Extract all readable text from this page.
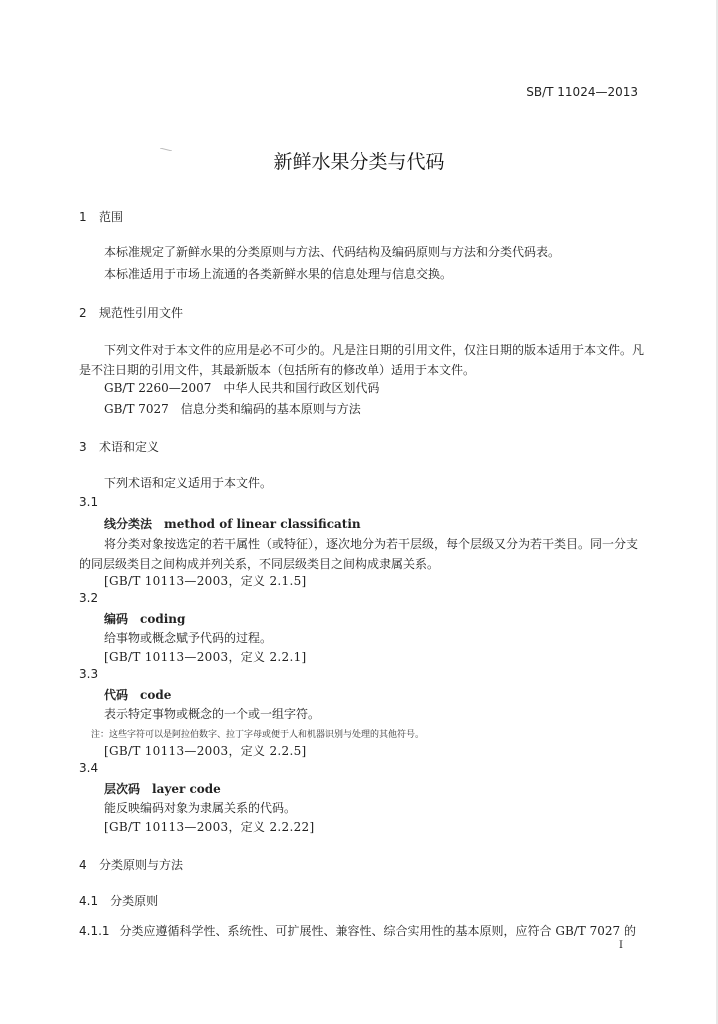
SB/T 11024—2013
新鲜水果分类与代码
1 范围
本标准规定了新鲜水果的分类原则与方法、代码结构及编码原则与方法和分类代码表。
本标准适用于市场上流通的各类新鲜水果的信息处理与信息交换。
2 规范性引用文件
下列文件对于本文件的应用是必不可少的。凡是注日期的引用文件，仅注日期的版本适用于本文件。凡是不注日期的引用文件，其最新版本（包括所有的修改单）适用于本文件。
GB/T 2260—2007　中华人民共和国行政区划代码
GB/T 7027　信息分类和编码的基本原则与方法
3 术语和定义
下列术语和定义适用于本文件。
3.1
线分类法 method of linear classificatin
将分类对象按选定的若干属性（或特征），逐次地分为若干层级，每个层级又分为若干类目。同一分支的同层级类目之间构成并列关系，不同层级类目之间构成隶属关系。
[GB/T 10113—2003，定义 2.1.5]
3.2
编码 coding
给事物或概念赋予代码的过程。
[GB/T 10113—2003，定义 2.2.1]
3.3
代码 code
表示特定事物或概念的一个或一组字符。
注：这些字符可以是阿拉伯数字、拉丁字母或便于人和机器识别与处理的其他符号。
[GB/T 10113—2003，定义 2.2.5]
3.4
层次码 layer code
能反映编码对象为隶属关系的代码。
[GB/T 10113—2003，定义 2.2.22]
4 分类原则与方法
4.1 分类原则
4.1.1 分类应遵循科学性、系统性、可扩展性、兼容性、综合实用性的基本原则，应符合 GB/T 7027 的
I
